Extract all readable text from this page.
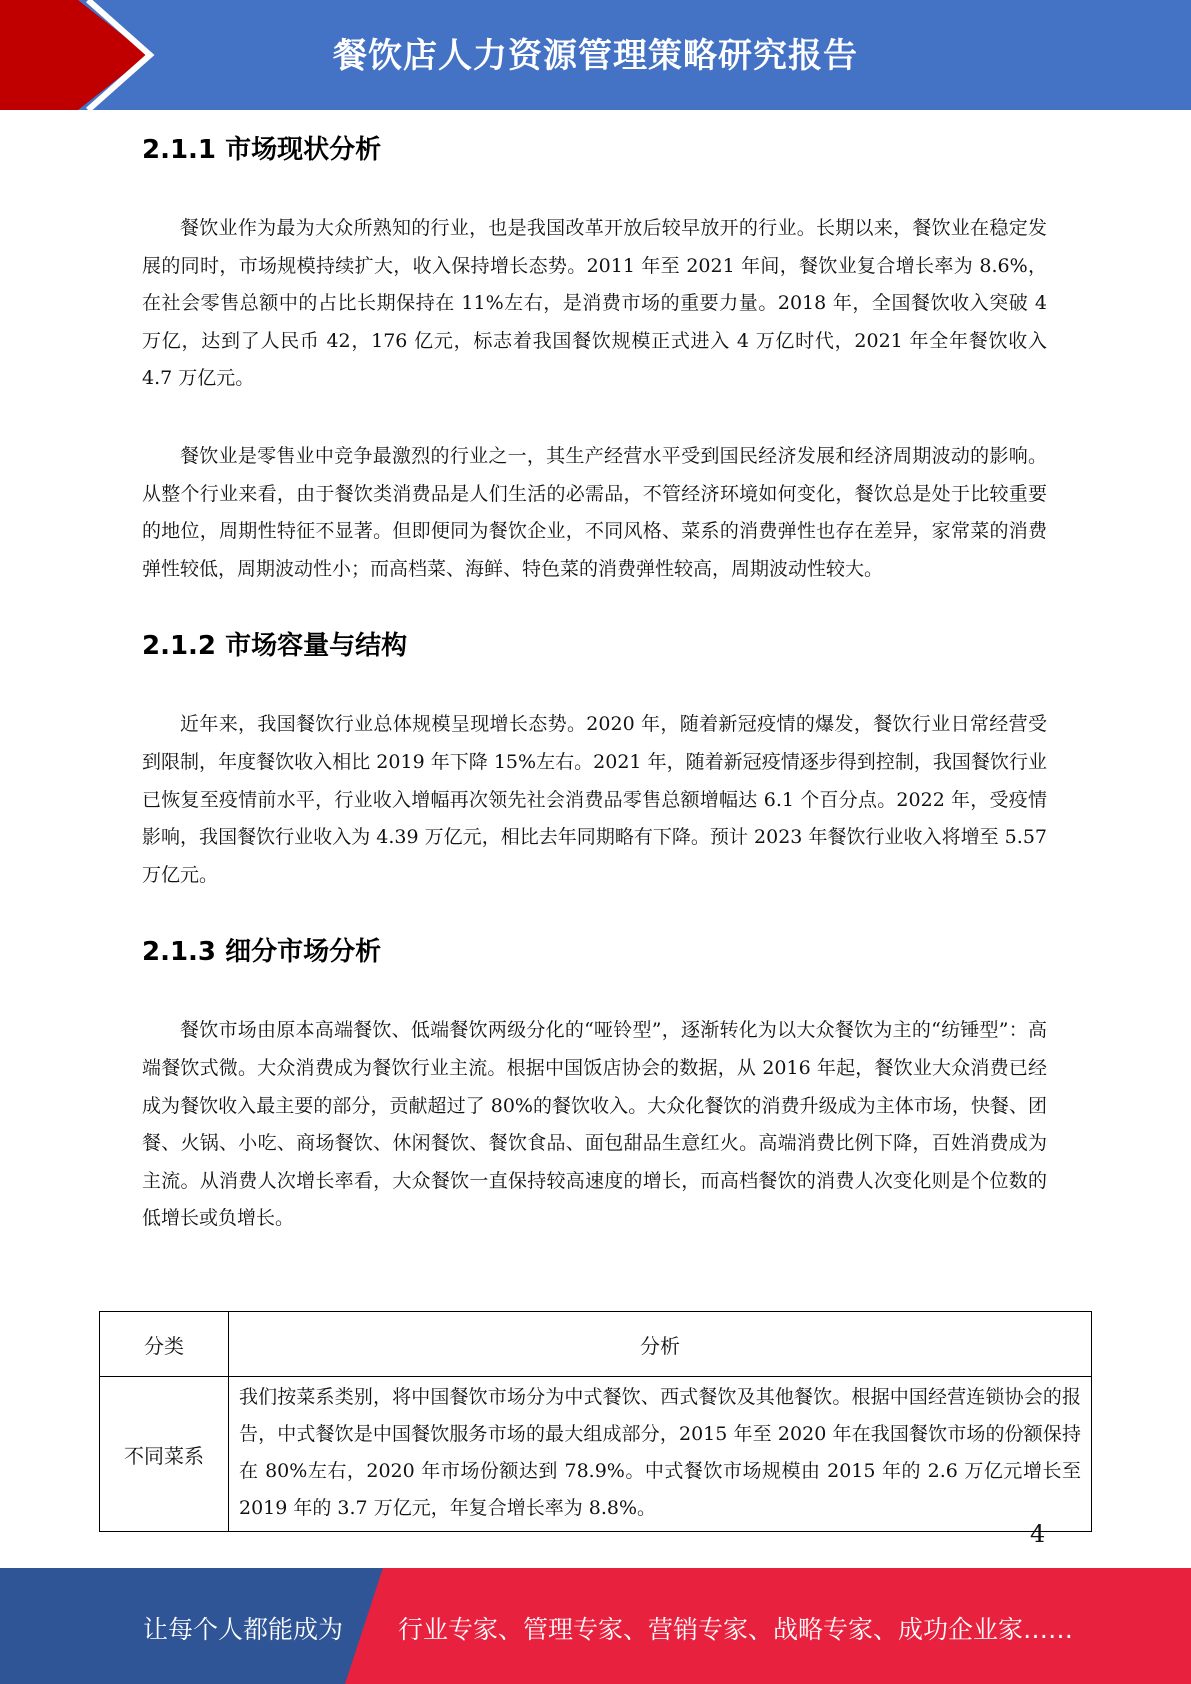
餐饮店人力资源管理策略研究报告
2.1.1 市场现状分析

餐饮业作为最为大众所熟知的行业，也是我国改革开放后较早放开的行业。长期以来，餐饮业在稳定发展的同时，市场规模持续扩大，收入保持增长态势。2011 年至 2021 年间，餐饮业复合增长率为 8.6%，在社会零售总额中的占比长期保持在 11%左右，是消费市场的重要力量。2018 年，全国餐饮收入突破 4 万亿，达到了人民币 42，176 亿元，标志着我国餐饮规模正式进入 4 万亿时代，2021 年全年餐饮收入 4.7 万亿元。

餐饮业是零售业中竞争最激烈的行业之一，其生产经营水平受到国民经济发展和经济周期波动的影响。从整个行业来看，由于餐饮类消费品是人们生活的必需品，不管经济环境如何变化，餐饮总是处于比较重要的地位，周期性特征不显著。但即便同为餐饮企业，不同风格、菜系的消费弹性也存在差异，家常菜的消费弹性较低，周期波动性小；而高档菜、海鲜、特色菜的消费弹性较高，周期波动性较大。

2.1.2 市场容量与结构

近年来，我国餐饮行业总体规模呈现增长态势。2020 年，随着新冠疫情的爆发，餐饮行业日常经营受到限制，年度餐饮收入相比 2019 年下降 15%左右。2021 年，随着新冠疫情逐步得到控制，我国餐饮行业已恢复至疫情前水平，行业收入增幅再次领先社会消费品零售总额增幅达 6.1 个百分点。2022 年，受疫情影响，我国餐饮行业收入为 4.39 万亿元，相比去年同期略有下降。预计 2023 年餐饮行业收入将增至 5.57 万亿元。

2.1.3 细分市场分析

餐饮市场由原本高端餐饮、低端餐饮两级分化的“哑铃型”，逐渐转化为以大众餐饮为主的“纺锤型”：高端餐饮式微。大众消费成为餐饮行业主流。根据中国饭店协会的数据，从 2016 年起，餐饮业大众消费已经成为餐饮收入最主要的部分，贡献超过了 80%的餐饮收入。大众化餐饮的消费升级成为主体市场，快餐、团餐、火锅、小吃、商场餐饮、休闲餐饮、餐饮食品、面包甜品生意红火。高端消费比例下降，百姓消费成为主流。从消费人次增长率看，大众餐饮一直保持较高速度的增长，而高档餐饮的消费人次变化则是个位数的低增长或负增长。

分类	分析
不同菜系	我们按菜系类别，将中国餐饮市场分为中式餐饮、西式餐饮及其他餐饮。根据中国经营连锁协会的报告，中式餐饮是中国餐饮服务市场的最大组成部分，2015 年至 2020 年在我国餐饮市场的份额保持在 80%左右，2020 年市场份额达到 78.9%。中式餐饮市场规模由 2015 年的 2.6 万亿元增长至 2019 年的 3.7 万亿元，年复合增长率为 8.8%。
4
让每个人都能成为 行业专家、管理专家、营销专家、战略专家、成功企业家……
